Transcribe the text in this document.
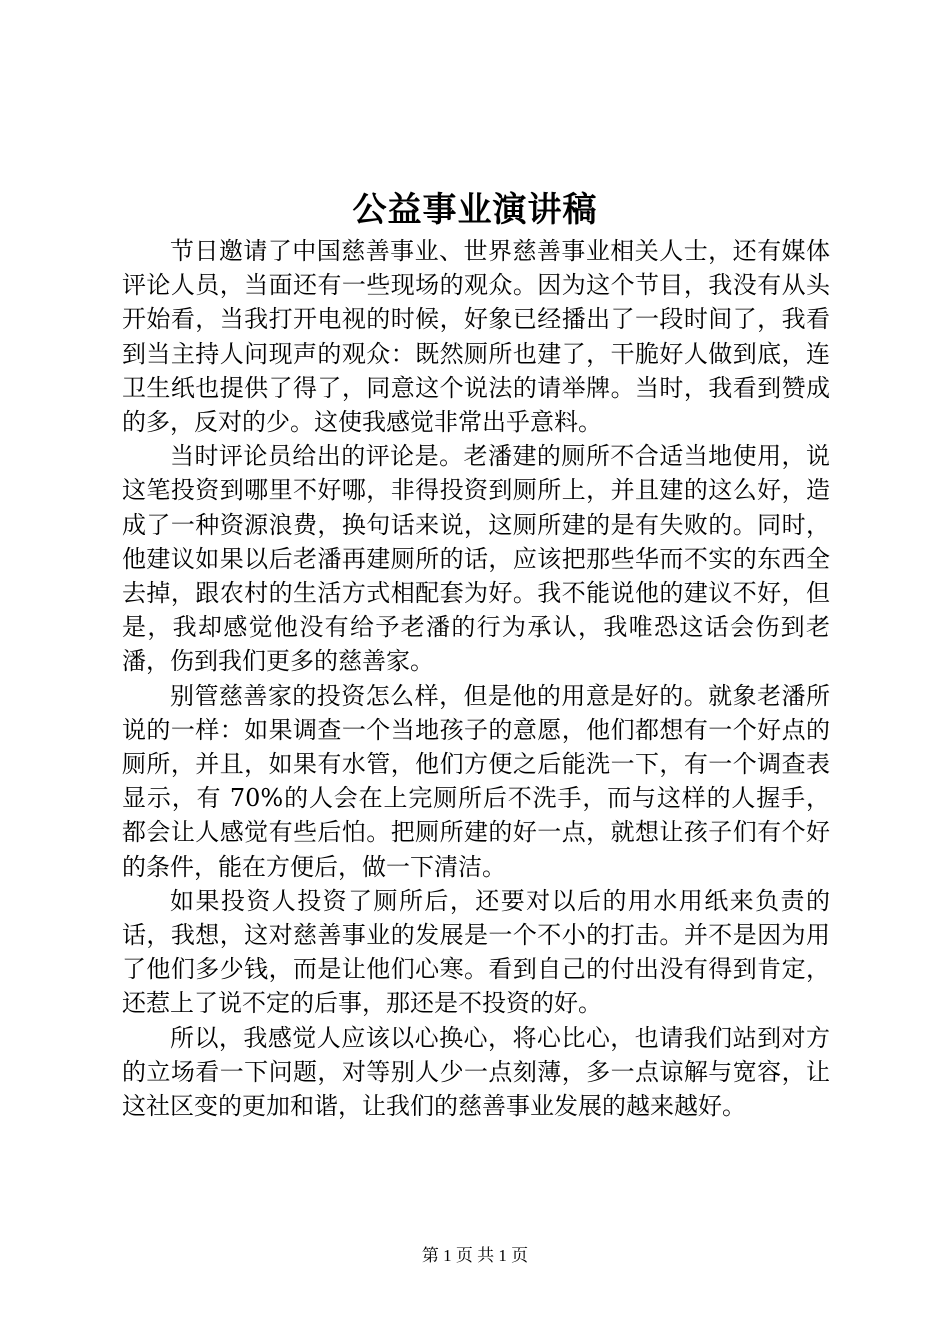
公益事业演讲稿

节日邀请了中国慈善事业、世界慈善事业相关人士，还有媒体评论人员，当面还有一些现场的观众。因为这个节目，我没有从头开始看，当我打开电视的时候，好象已经播出了一段时间了，我看到当主持人问现声的观众：既然厕所也建了，干脆好人做到底，连卫生纸也提供了得了，同意这个说法的请举牌。当时，我看到赞成的多，反对的少。这使我感觉非常出乎意料。

当时评论员给出的评论是。老潘建的厕所不合适当地使用，说这笔投资到哪里不好哪，非得投资到厕所上，并且建的这么好，造成了一种资源浪费，换句话来说，这厕所建的是有失败的。同时，他建议如果以后老潘再建厕所的话，应该把那些华而不实的东西全去掉，跟农村的生活方式相配套为好。我不能说他的建议不好，但是，我却感觉他没有给予老潘的行为承认，我唯恐这话会伤到老潘，伤到我们更多的慈善家。

别管慈善家的投资怎么样，但是他的用意是好的。就象老潘所说的一样：如果调查一个当地孩子的意愿，他们都想有一个好点的厕所，并且，如果有水管，他们方便之后能洗一下，有一个调查表显示，有 70%的人会在上完厕所后不洗手，而与这样的人握手，都会让人感觉有些后怕。把厕所建的好一点，就想让孩子们有个好的条件，能在方便后，做一下清洁。

如果投资人投资了厕所后，还要对以后的用水用纸来负责的话，我想，这对慈善事业的发展是一个不小的打击。并不是因为用了他们多少钱，而是让他们心寒。看到自己的付出没有得到肯定，还惹上了说不定的后事，那还是不投资的好。

所以，我感觉人应该以心换心，将心比心，也请我们站到对方的立场看一下问题，对等别人少一点刻薄，多一点谅解与宽容，让这社区变的更加和谐，让我们的慈善事业发展的越来越好。

第 1 页 共 1 页
